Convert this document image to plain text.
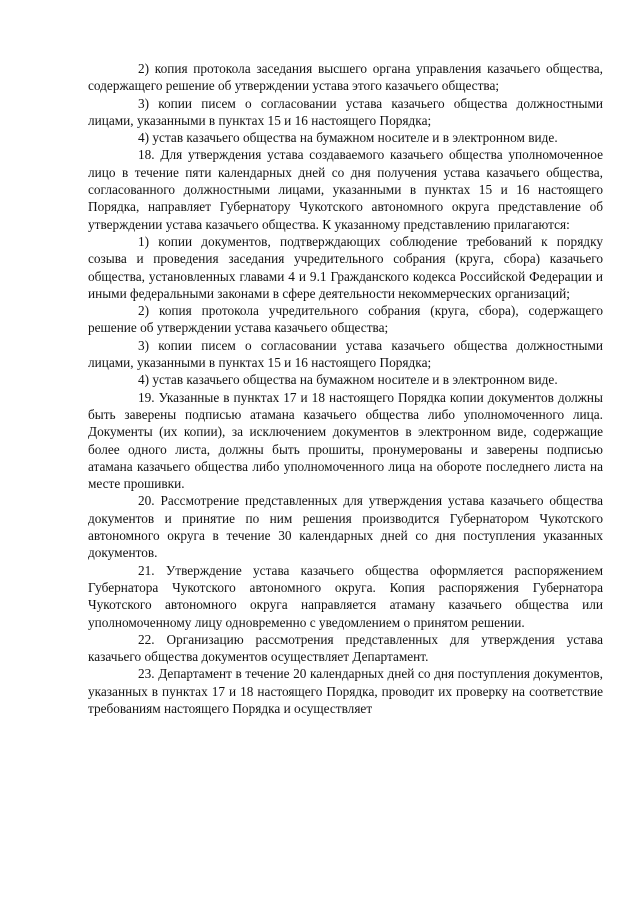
2) копия протокола заседания высшего органа управления казачьего общества, содержащего решение об утверждении устава этого казачьего общества;

3) копии писем о согласовании устава казачьего общества должностными лицами, указанными в пунктах 15 и 16 настоящего Порядка;

4) устав казачьего общества на бумажном носителе и в электронном виде.

18. Для утверждения устава создаваемого казачьего общества уполномоченное лицо в течение пяти календарных дней со дня получения устава казачьего общества, согласованного должностными лицами, указанными в пунктах 15 и 16 настоящего Порядка, направляет Губернатору Чукотского автономного округа представление об утверждении устава казачьего общества. К указанному представлению прилагаются:

1) копии документов, подтверждающих соблюдение требований к порядку созыва и проведения заседания учредительного собрания (круга, сбора) казачьего общества, установленных главами 4 и 9.1 Гражданского кодекса Российской Федерации и иными федеральными законами в сфере деятельности некоммерческих организаций;

2) копия протокола учредительного собрания (круга, сбора), содержащего решение об утверждении устава казачьего общества;

3) копии писем о согласовании устава казачьего общества должностными лицами, указанными в пунктах 15 и 16 настоящего Порядка;

4) устав казачьего общества на бумажном носителе и в электронном виде.

19. Указанные в пунктах 17 и 18 настоящего Порядка копии документов должны быть заверены подписью атамана казачьего общества либо уполномоченного лица. Документы (их копии), за исключением документов в электронном виде, содержащие более одного листа, должны быть прошиты, пронумерованы и заверены подписью атамана казачьего общества либо уполномоченного лица на обороте последнего листа на месте прошивки.

20. Рассмотрение представленных для утверждения устава казачьего общества документов и принятие по ним решения производится Губернатором Чукотского автономного округа в течение 30 календарных дней со дня поступления указанных документов.

21. Утверждение устава казачьего общества оформляется распоряжением Губернатора Чукотского автономного округа. Копия распоряжения Губернатора Чукотского автономного округа направляется атаману казачьего общества или уполномоченному лицу одновременно с уведомлением о принятом решении.

22. Организацию рассмотрения представленных для утверждения устава казачьего общества документов осуществляет Департамент.

23. Департамент в течение 20 календарных дней со дня поступления документов, указанных в пунктах 17 и 18 настоящего Порядка, проводит их проверку на соответствие требованиям настоящего Порядка и осуществляет
